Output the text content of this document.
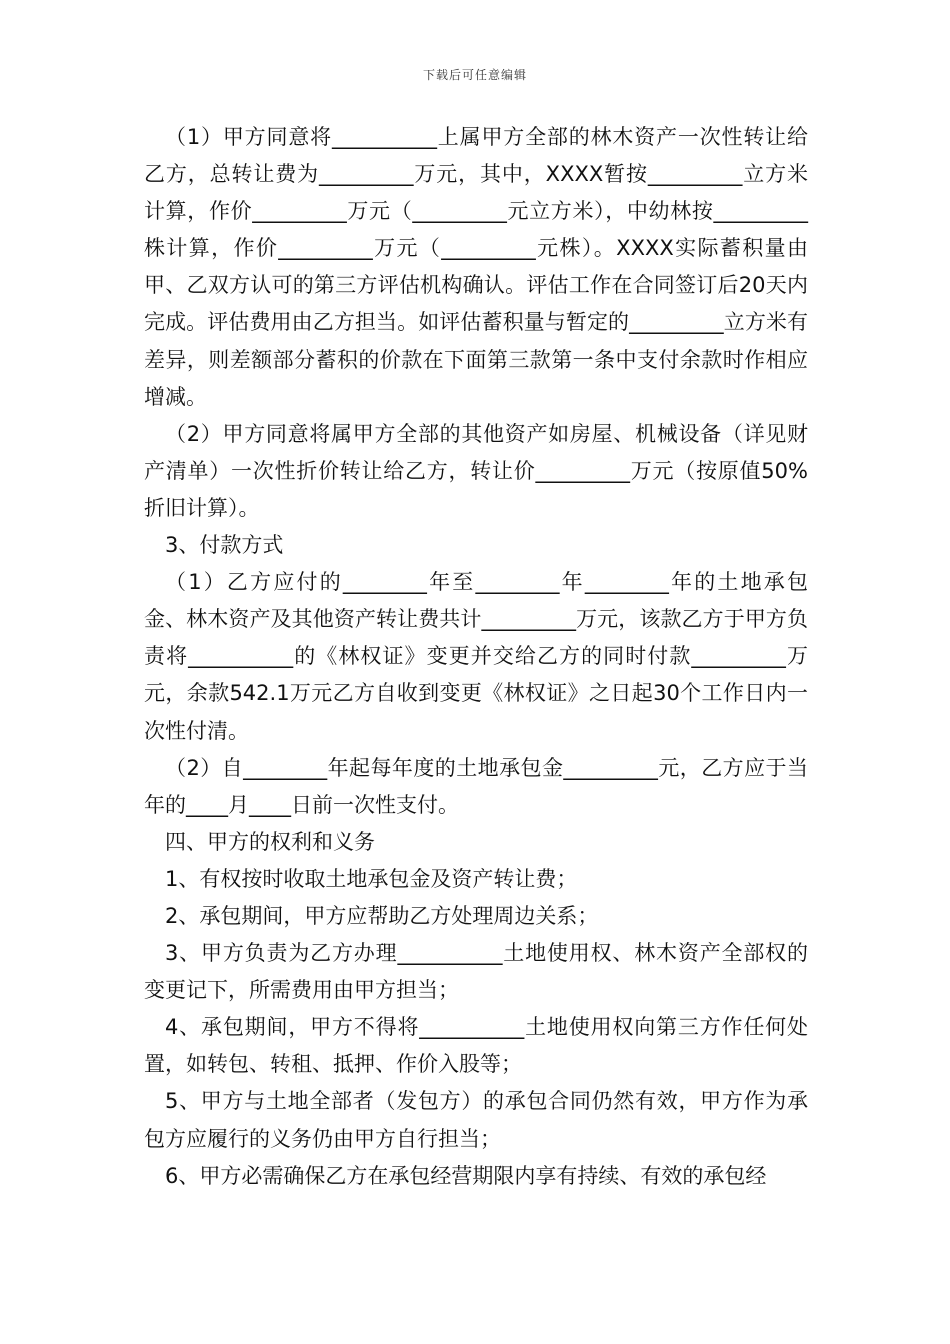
下载后可任意编辑

（1）甲方同意将__________上属甲方全部的林木资产一次性转让给乙方，总转让费为_________万元，其中，XXXX暂按_________立方米计算，作价_________万元（_________元立方米），中幼林按_________株计算，作价_________万元（_________元株）。XXXX实际蓄积量由甲、乙双方认可的第三方评估机构确认。评估工作在合同签订后20天内完成。评估费用由乙方担当。如评估蓄积量与暂定的_________立方米有差异，则差额部分蓄积的价款在下面第三款第一条中支付余款时作相应增减。

（2）甲方同意将属甲方全部的其他资产如房屋、机械设备（详见财产清单）一次性折价转让给乙方，转让价_________万元（按原值50%折旧计算）。

3、付款方式

（1）乙方应付的________年至________年________年的土地承包金、林木资产及其他资产转让费共计_________万元，该款乙方于甲方负责将__________的《林权证》变更并交给乙方的同时付款_________万元，余款542.1万元乙方自收到变更《林权证》之日起30个工作日内一次性付清。

（2）自________年起每年度的土地承包金_________元，乙方应于当年的____月____日前一次性支付。

四、甲方的权利和义务

1、有权按时收取土地承包金及资产转让费；

2、承包期间，甲方应帮助乙方处理周边关系；

3、甲方负责为乙方办理__________土地使用权、林木资产全部权的变更记下，所需费用由甲方担当；

4、承包期间，甲方不得将__________土地使用权向第三方作任何处置，如转包、转租、抵押、作价入股等；

5、甲方与土地全部者（发包方）的承包合同仍然有效，甲方作为承包方应履行的义务仍由甲方自行担当；

6、甲方必需确保乙方在承包经营期限内享有持续、有效的承包经
